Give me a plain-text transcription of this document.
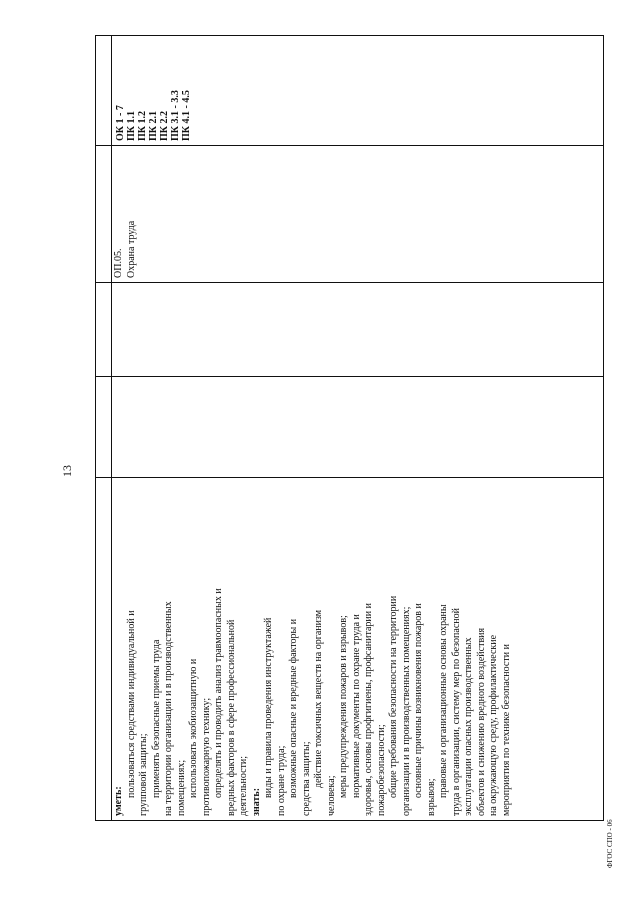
13
уметь:
пользоваться средствами индивидуальной и групповой защиты; применять безопасные приемы труда на территории организации и в производственных помещениях; использовать экобиозащитную и противопожарную технику; определять и проводить анализ травмоопасных и вредных факторов в сфере профессиональной деятельности; знать:
виды и правила проведения инструктажей по охране труда; возможные опасные и вредные факторы и средства защиты; действие токсичных веществ на организм
человека; меры предупреждения пожаров и взрывов; нормативные документы по охране труда и здоровья, основы профгигиены, профсанитарии и пожаробезопасности; общие требования безопасности на территории организации и в производственных помещениях; основные причины возникновения пожаров и взрывов; правовые и организационные основы охраны труда в организации, систему мер по безопасной эксплуатации опасных производственных объектов и снижению вредного воздействия на окружающую среду, профилактические мероприятия по технике безопасности и
ОП.05. Охрана труда
ОК 1 - 7 ПК 1.1 ПК 1.2 ПК 2.1 ПК 2.2 ПК 3.1 - 3.3 ПК 4.1 - 4.5
ФГОС СПО - 06
